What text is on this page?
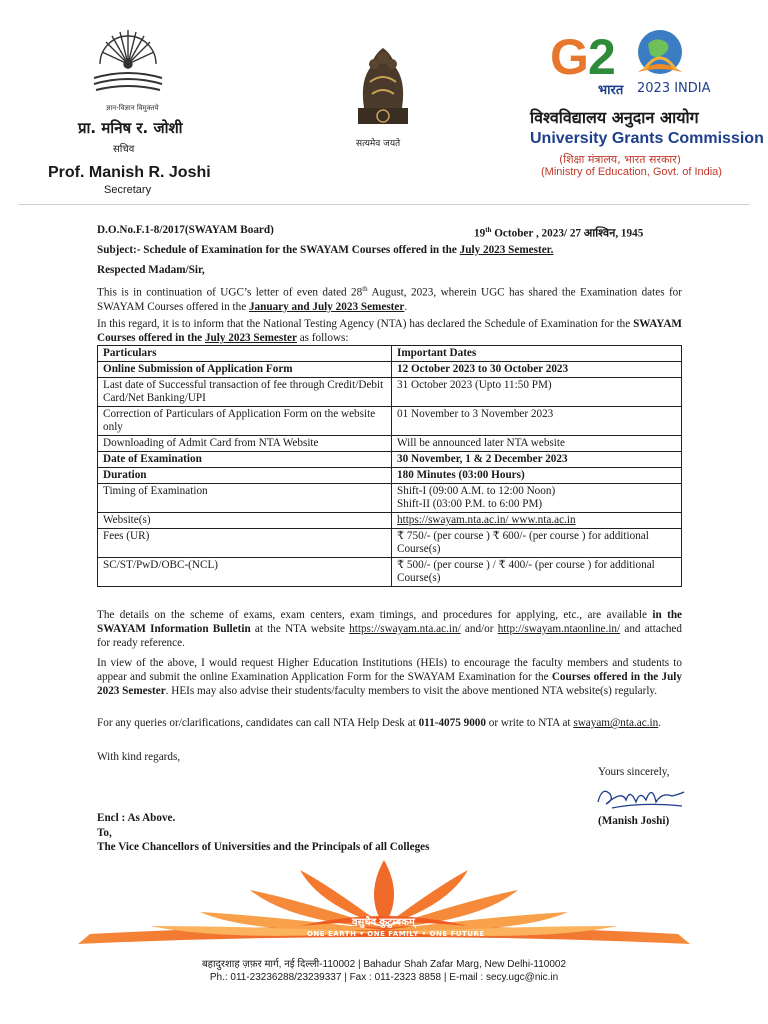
ज्ञान-विज्ञान विमुक्तये
प्रा. मनिष र. जोशी
सचिव
Prof. Manish R. Joshi
Secretary
सत्यमेव जयते
G 2
भारत 2023 INDIA
विश्वविद्यालय अनुदान आयोग
University Grants Commission
(शिक्षा मंत्रालय, भारत सरकार)
(Ministry of Education, Govt. of India)
D.O.No.F.1-8/2017(SWAYAM Board)	19th October , 2023/ 27 आश्विन, 1945
Subject:- Schedule of Examination for the SWAYAM Courses offered in the July 2023 Semester.
Respected Madam/Sir,
This is in continuation of UGC’s letter of even dated 28th August, 2023, wherein UGC has shared the Examination dates for SWAYAM Courses offered in the January and July 2023 Semester.
In this regard, it is to inform that the National Testing Agency (NTA) has declared the Schedule of Examination for the SWAYAM Courses offered in the July 2023 Semester as follows:
Particulars	Important Dates
Online Submission of Application Form	12 October 2023 to 30 October 2023
Last date of Successful transaction of fee through Credit/Debit Card/Net Banking/UPI	31 October 2023 (Upto 11:50 PM)
Correction of Particulars of Application Form on the website only	01 November to 3 November 2023
Downloading of Admit Card from NTA Website	Will be announced later NTA website
Date of Examination	30 November, 1 & 2 December 2023
Duration	180 Minutes (03:00 Hours)
Timing of Examination	Shift-I (09:00 A.M. to 12:00 Noon)
Shift-II (03:00 P.M. to 6:00 PM)

Website(s)	https://swayam.nta.ac.in/ www.nta.ac.in
Fees (UR)	₹ 750/- (per course ) ₹ 600/- (per course ) for additional Course(s)
SC/ST/PwD/OBC-(NCL)	₹ 500/- (per course ) / ₹ 400/- (per course ) for additional Course(s)
The details on the scheme of exams, exam centers, exam timings, and procedures for applying, etc., are available in the SWAYAM Information Bulletin at the NTA website https://swayam.nta.ac.in/ and/or http://swayam.ntaonline.in/ and attached for ready reference.
In view of the above, I would request Higher Education Institutions (HEIs) to encourage the faculty members and students to appear and submit the online Examination Application Form for the SWAYAM Examination for the Courses offered in the July 2023 Semester. HEIs may also advise their students/faculty members to visit the above mentioned NTA website(s) regularly.
For any queries or/clarifications, candidates can call NTA Help Desk at 011-4075 9000 or write to NTA at swayam@nta.ac.in.
With kind regards,
Yours sincerely,
(Manish Joshi)
Encl : As Above.
To,
The Vice Chancellors of Universities and the Principals of all Colleges
वसुधैव कुटुम्बकम्
ONE EARTH • ONE FAMILY • ONE FUTURE
बहादुरशाह ज़फ़र मार्ग, नई दिल्ली-110002 | Bahadur Shah Zafar Marg, New Delhi-110002
Ph.: 011-23236288/23239337 | Fax : 011-2323 8858 | E-mail : secy.ugc@nic.in
